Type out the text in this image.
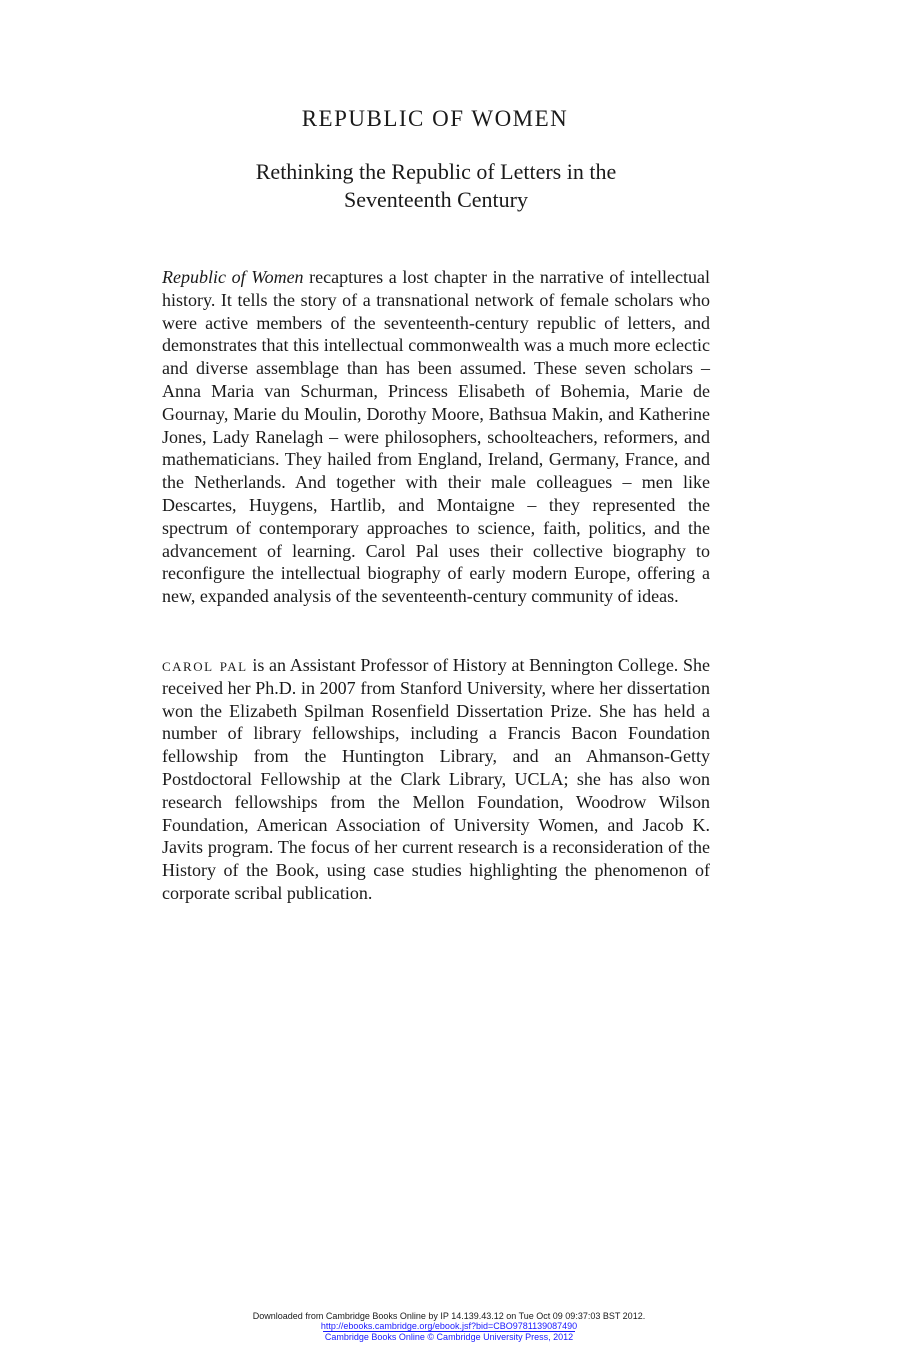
REPUBLIC OF WOMEN
Rethinking the Republic of Letters in the
Seventeenth Century

Republic of Women recaptures a lost chapter in the narrative of intellectual history. It tells the story of a transnational network of female scholars who were active members of the seventeenth-century republic of letters, and demonstrates that this intellectual commonwealth was a much more eclectic and diverse assemblage than has been assumed. These seven scholars – Anna Maria van Schurman, Princess Elisabeth of Bohemia, Marie de Gournay, Marie du Moulin, Dorothy Moore, Bathsua Makin, and Katherine Jones, Lady Ranelagh – were philosophers, schoolteachers, reformers, and mathematicians. They hailed from England, Ireland, Germany, France, and the Netherlands. And together with their male colleagues – men like Descartes, Huygens, Hartlib, and Montaigne – they represented the spectrum of contemporary approaches to science, faith, politics, and the advancement of learning. Carol Pal uses their collective biography to reconfigure the intellectual biography of early modern Europe, offering a new, expanded analysis of the seventeenth-century community of ideas.

carol pal is an Assistant Professor of History at Bennington College. She received her Ph.D. in 2007 from Stanford University, where her dissertation won the Elizabeth Spilman Rosenfield Dissertation Prize. She has held a number of library fellowships, including a Francis Bacon Foundation fellowship from the Huntington Library, and an Ahmanson-Getty Postdoctoral Fellowship at the Clark Library, UCLA; she has also won research fellowships from the Mellon Foundation, Woodrow Wilson Foundation, American Association of University Women, and Jacob K. Javits program. The focus of her current research is a reconsideration of the History of the Book, using case studies highlighting the phenomenon of corporate scribal publication.

Downloaded from Cambridge Books Online by IP 14.139.43.12 on Tue Oct 09 09:37:03 BST 2012.
http://ebooks.cambridge.org/ebook.jsf?bid=CBO9781139087490
Cambridge Books Online © Cambridge University Press, 2012
